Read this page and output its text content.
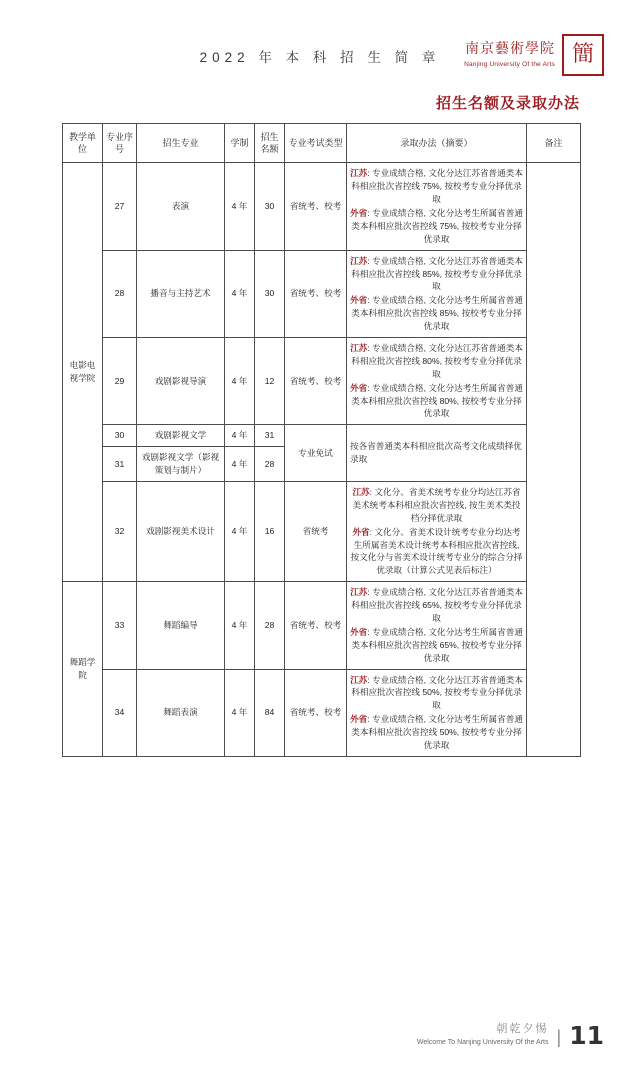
2022 年 本 科 招 生 简 章
南京藝術學院
Nanjing University Of the Arts 簡
招生名额及录取办法
教学单位	专业序号	招生专业	学制	招生名额	专业考试类型	录取办法（摘要）	备注
电影电视学院	27	表演	4 年	30	省统考、校考	江苏: 专业成绩合格, 文化分达江苏省普通类本科相应批次省控线 75%, 按校考专业分择优录取

外省: 专业成绩合格, 文化分达考生所属省普通类本科相应批次省控线 75%, 按校考专业分择优录取	

	28	播音与主持艺术	4 年	30	省统考、校考	江苏: 专业成绩合格, 文化分达江苏省普通类本科相应批次省控线 85%, 按校考专业分择优录取

外省: 专业成绩合格, 文化分达考生所属省普通类本科相应批次省控线 85%, 按校考专业分择优录取	

	29	戏剧影视导演	4 年	12	省统考、校考	江苏: 专业成绩合格, 文化分达江苏省普通类本科相应批次省控线 80%, 按校考专业分择优录取

外省: 专业成绩合格, 文化分达考生所属省普通类本科相应批次省控线 80%, 按校考专业分择优录取	

	30	戏剧影视文学	4 年	31	专业免试	按各省普通类本科相应批次高考文化成绩择优录取	

	31	戏剧影视文学（影视策划与制片）	4 年	28			
	32	戏剧影视美术设计	4 年	16	省统考	江苏: 文化分、省美术统考专业分均达江苏省美术统考本科相应批次省控线, 按生美术类投档分择优录取

外省: 文化分、省美术设计统考专业分均达考生所属省美术设计统考本科相应批次省控线, 按文化分与省美术设计统考专业分的综合分择优录取（计算公式见表后标注）	

舞蹈学院	33	舞蹈编导	4 年	28	省统考、校考	江苏: 专业成绩合格, 文化分达江苏省普通类本科相应批次省控线 65%, 按校考专业分择优录取

外省: 专业成绩合格, 文化分达考生所属省普通类本科相应批次省控线 65%, 按校考专业分择优录取	

	34	舞蹈表演	4 年	84	省统考、校考	江苏: 专业成绩合格, 文化分达江苏省普通类本科相应批次省控线 50%, 按校考专业分择优录取

外省: 专业成绩合格, 文化分达考生所属省普通类本科相应批次省控线 50%, 按校考专业分择优录取	

朝乾夕惕
Welcome To Nanjing University Of the Arts | 11
